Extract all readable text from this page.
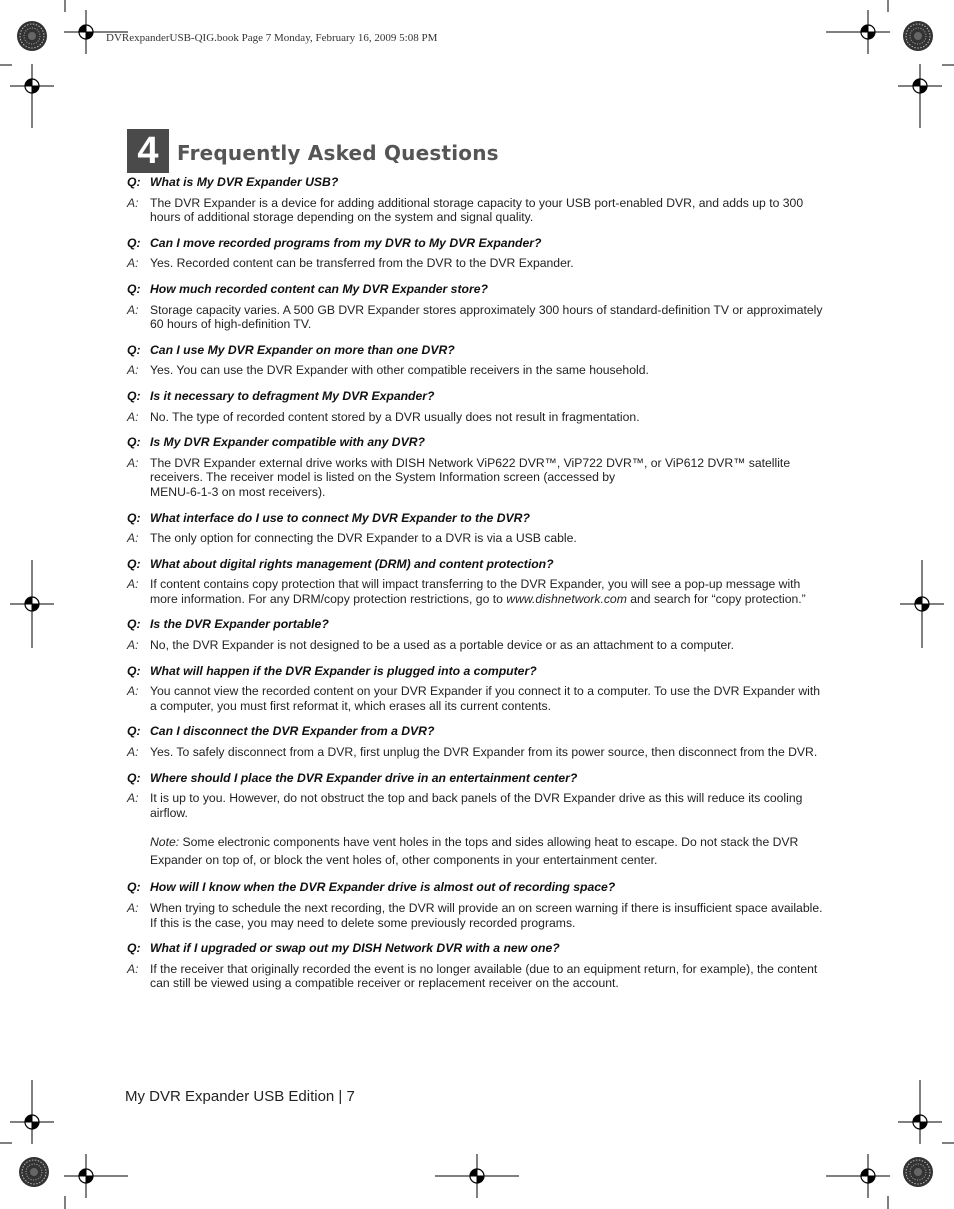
DVRexpanderUSB-QIG.book Page 7 Monday, February 16, 2009 5:08 PM
4 Frequently Asked Questions
Q: What is My DVR Expander USB?
A: The DVR Expander is a device for adding additional storage capacity to your USB port-enabled DVR, and adds up to 300 hours of additional storage depending on the system and signal quality.
Q: Can I move recorded programs from my DVR to My DVR Expander?
A: Yes. Recorded content can be transferred from the DVR to the DVR Expander.
Q: How much recorded content can My DVR Expander store?
A: Storage capacity varies. A 500 GB DVR Expander stores approximately 300 hours of standard-definition TV or approximately 60 hours of high-definition TV.
Q: Can I use My DVR Expander on more than one DVR?
A: Yes. You can use the DVR Expander with other compatible receivers in the same household.
Q: Is it necessary to defragment My DVR Expander?
A: No. The type of recorded content stored by a DVR usually does not result in fragmentation.
Q: Is My DVR Expander compatible with any DVR?
A: The DVR Expander external drive works with DISH Network ViP622 DVR™, ViP722 DVR™, or ViP612 DVR™ satellite receivers. The receiver model is listed on the System Information screen (accessed by
MENU-6-1-3 on most receivers).
Q: What interface do I use to connect My DVR Expander to the DVR?
A: The only option for connecting the DVR Expander to a DVR is via a USB cable.
Q: What about digital rights management (DRM) and content protection?
A: If content contains copy protection that will impact transferring to the DVR Expander, you will see a pop-up message with more information. For any DRM/copy protection restrictions, go to www.dishnetwork.com and search for “copy protection.”
Q: Is the DVR Expander portable?
A: No, the DVR Expander is not designed to be a used as a portable device or as an attachment to a computer.
Q: What will happen if the DVR Expander is plugged into a computer?
A: You cannot view the recorded content on your DVR Expander if you connect it to a computer. To use the DVR Expander with a computer, you must first reformat it, which erases all its current contents.
Q: Can I disconnect the DVR Expander from a DVR?
A: Yes. To safely disconnect from a DVR, first unplug the DVR Expander from its power source, then disconnect from the DVR.
Q: Where should I place the DVR Expander drive in an entertainment center?
A: It is up to you. However, do not obstruct the top and back panels of the DVR Expander drive as this will reduce its cooling airflow.
Note: Some electronic components have vent holes in the tops and sides allowing heat to escape. Do not stack the DVR Expander on top of, or block the vent holes of, other components in your entertainment center.
Q: How will I know when the DVR Expander drive is almost out of recording space?
A: When trying to schedule the next recording, the DVR will provide an on screen warning if there is insufficient space available. If this is the case, you may need to delete some previously recorded programs.
Q: What if I upgraded or swap out my DISH Network DVR with a new one?
A: If the receiver that originally recorded the event is no longer available (due to an equipment return, for example), the content can still be viewed using a compatible receiver or replacement receiver on the account.
My DVR Expander USB Edition | 7
